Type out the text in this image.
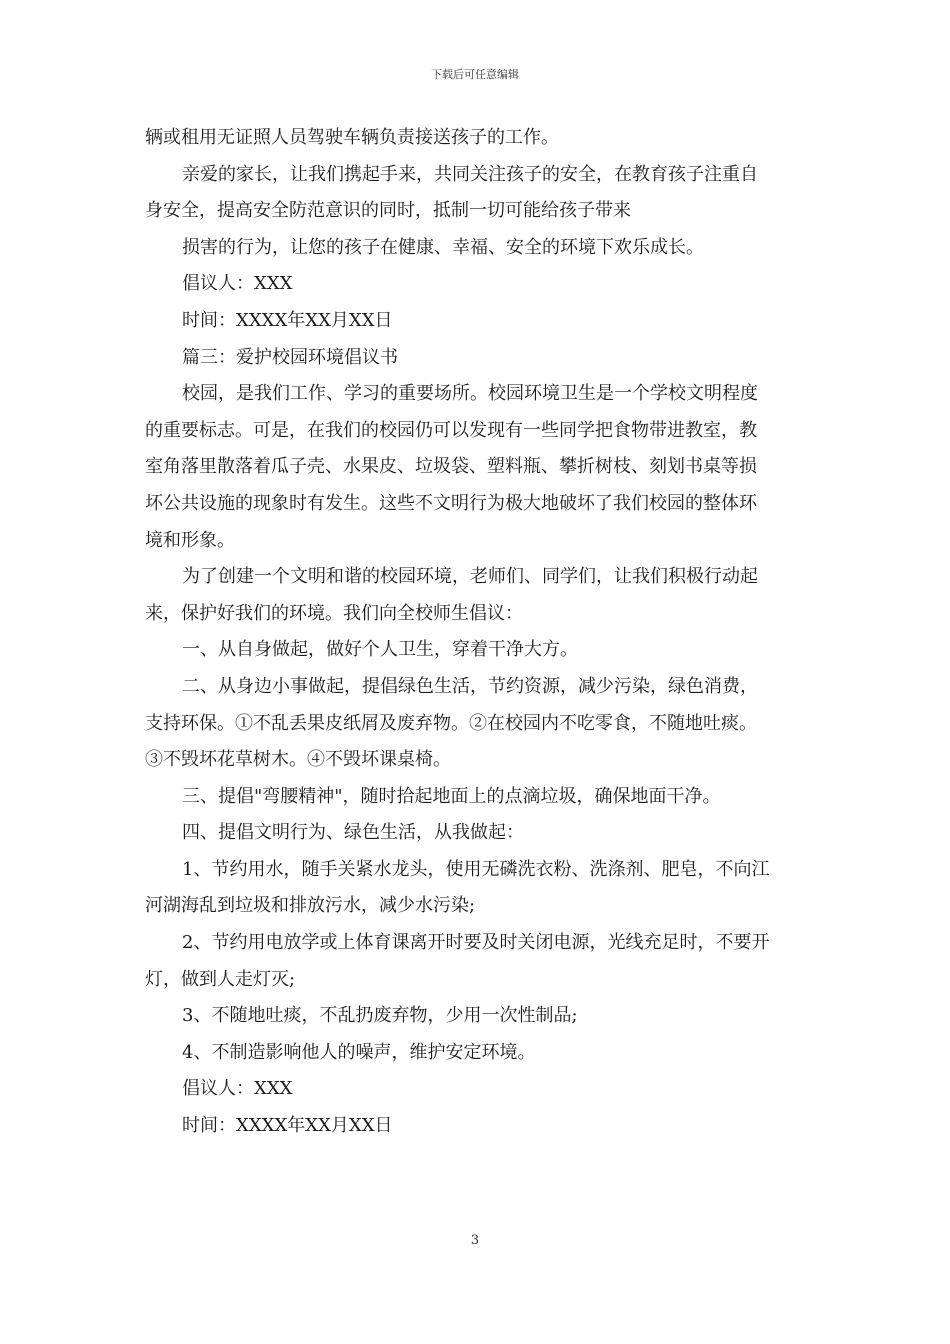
下载后可任意编辑
辆或租用无证照人员驾驶车辆负责接送孩子的工作。
亲爱的家长，让我们携起手来，共同关注孩子的安全，在教育孩子注重自
身安全，提高安全防范意识的同时，抵制一切可能给孩子带来
损害的行为，让您的孩子在健康、幸福、安全的环境下欢乐成长。
倡议人：XXX
时间：XXXX年XX月XX日
篇三：爱护校园环境倡议书
校园，是我们工作、学习的重要场所。校园环境卫生是一个学校文明程度
的重要标志。可是，在我们的校园仍可以发现有一些同学把食物带进教室，教
室角落里散落着瓜子壳、水果皮、垃圾袋、塑料瓶、攀折树枝、刻划书桌等损
坏公共设施的现象时有发生。这些不文明行为极大地破坏了我们校园的整体环
境和形象。
为了创建一个文明和谐的校园环境，老师们、同学们，让我们积极行动起
来，保护好我们的环境。我们向全校师生倡议：
一、从自身做起，做好个人卫生，穿着干净大方。
二、从身边小事做起，提倡绿色生活，节约资源，减少污染，绿色消费，
支持环保。①不乱丢果皮纸屑及废弃物。②在校园内不吃零食，不随地吐痰。
③不毁坏花草树木。④不毁坏课桌椅。
三、提倡"弯腰精神"，随时拾起地面上的点滴垃圾，确保地面干净。
四、提倡文明行为、绿色生活，从我做起：
1、节约用水，随手关紧水龙头，使用无磷洗衣粉、洗涤剂、肥皂，不向江
河湖海乱到垃圾和排放污水，减少水污染;
2、节约用电放学或上体育课离开时要及时关闭电源，光线充足时，不要开
灯，做到人走灯灭;
3、不随地吐痰，不乱扔废弃物，少用一次性制品;
4、不制造影响他人的噪声，维护安定环境。
倡议人：XXX
时间：XXXX年XX月XX日
3
